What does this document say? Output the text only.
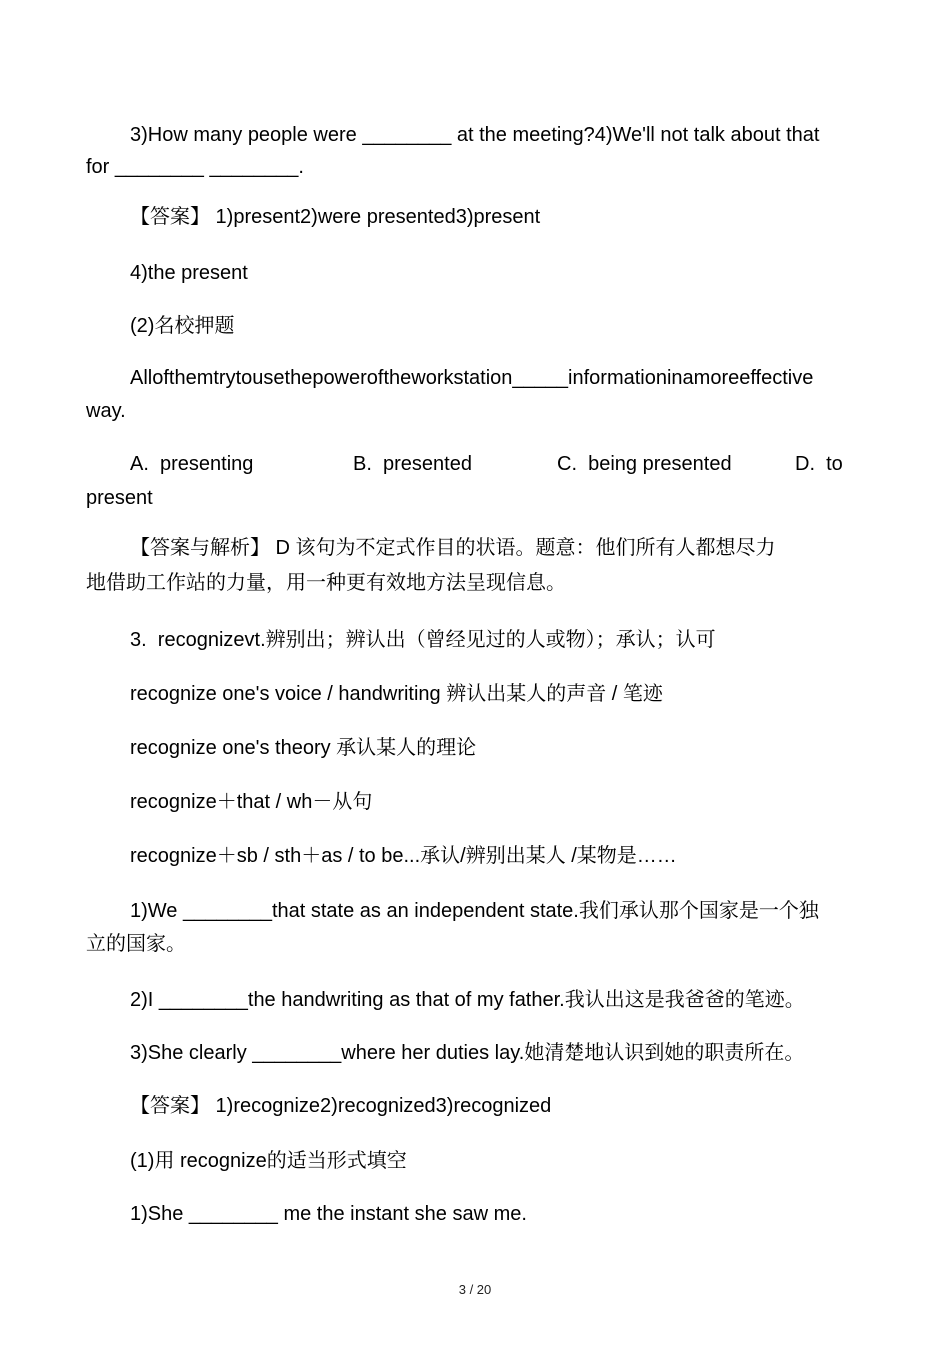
3)How many people were ________ at the meeting?4)We'll not talk about that
for ________ ________.
【答案】 1)present2)were presented3)present
4)the present
(2)名校押题
Allofthemtrytousethepoweroftheworkstation_____informationinamoreeffective
way.
A.  presenting	B.  presented	C.  being presented	D.  to
present
【答案与解析】 D 该句为不定式作目的状语。题意：他们所有人都想尽力
地借助工作站的力量，用一种更有效地方法呈现信息。
3.  recognizevt.辨别出；辨认出（曾经见过的人或物）；承认；认可
recognize one's voice / handwriting 辨认出某人的声音 / 笔迹
recognize one's theory 承认某人的理论
recognize＋that / wh－从句
recognize＋sb / sth＋as / to be...承认/辨别出某人 /某物是……
1)We ________that state as an independent state.我们承认那个国家是一个独
立的国家。
2)I ________the handwriting as that of my father.我认出这是我爸爸的笔迹。
3)She clearly ________where her duties lay.她清楚地认识到她的职责所在。
【答案】 1)recognize2)recognized3)recognized
(1)用 recognize的适当形式填空
1)She ________ me the instant she saw me.
3 / 20
